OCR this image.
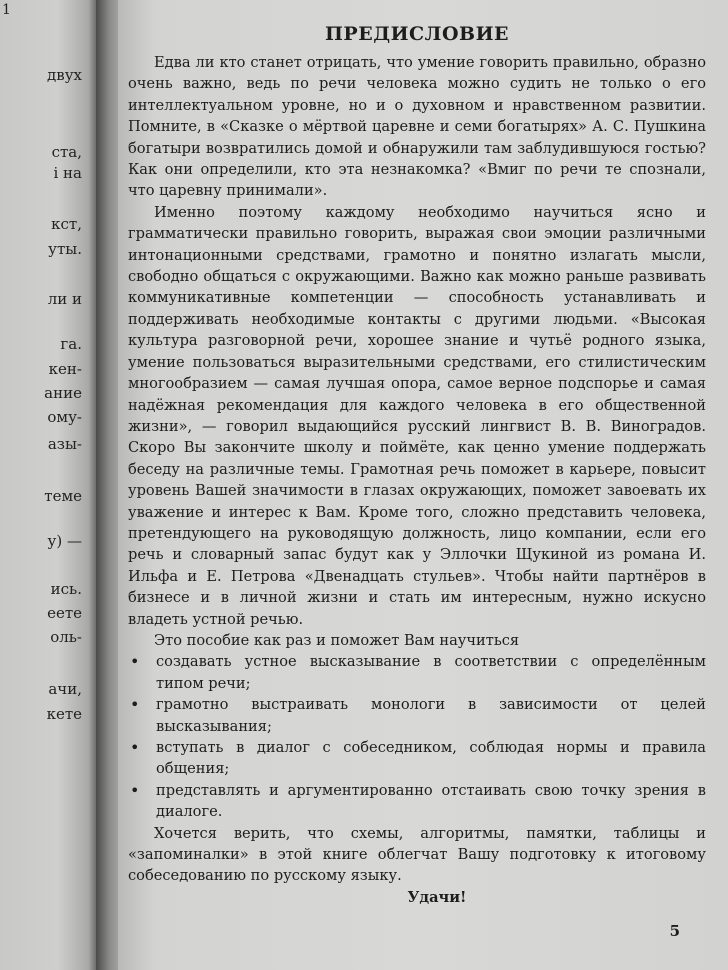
1
двух
ста,
і на
кст,
уты.
ли и
га.
кен-
ание
ому-
азы-
теме
у) —
ись.
еете
оль-
ачи,
кете
ПРЕДИСЛОВИЕ

Едва ли кто станет отрицать, что умение говорить правильно, образно очень важно, ведь по речи человека можно судить не только о его интеллектуальном уровне, но и о духовном и нравственном развитии. Помните, в «Сказке о мёртвой царевне и семи богатырях» А. С. Пушкина богатыри возвратились домой и обнаружили там заблудившуюся гостью? Как они определили, кто эта незнакомка? «Вмиг по речи те спознали, что царевну принимали».

Именно поэтому каждому необходимо научиться ясно и грамматически правильно говорить, выражая свои эмоции различными интонационными средствами, грамотно и понятно излагать мысли, свободно общаться с окружающими. Важно как можно раньше развивать коммуникативные компетенции — способность устанавливать и поддерживать необходимые контакты с другими людьми. «Высокая культура разговорной речи, хорошее знание и чутьё родного языка, умение пользоваться выразительными средствами, его стилистическим многообразием — самая лучшая опора, самое верное подспорье и самая надёжная рекомендация для каждого человека в его общественной жизни», — говорил выдающийся русский лингвист В. В. Виноградов. Скоро Вы закончите школу и поймёте, как ценно умение поддержать беседу на различные темы. Грамотная речь поможет в карьере, повысит уровень Вашей значимости в глазах окружающих, поможет завоевать их уважение и интерес к Вам. Кроме того, сложно представить человека, претендующего на руководящую должность, лицо компании, если его речь и словарный запас будут как у Эллочки Щукиной из романа И. Ильфа и Е. Петрова «Двенадцать стульев». Чтобы найти партнёров в бизнесе и в личной жизни и стать им интересным, нужно искусно владеть устной речью.

Это пособие как раз и поможет Вам научиться

• создавать устное высказывание в соответствии с определённым типом речи;
• грамотно выстраивать монологи в зависимости от целей высказывания;
• вступать в диалог с собеседником, соблюдая нормы и правила общения;
• представлять и аргументированно отстаивать свою точку зрения в диалоге.

Хочется верить, что схемы, алгоритмы, памятки, таблицы и «запоминалки» в этой книге облегчат Вашу подготовку к итоговому собеседованию по русскому языку.

Удачи!

5
